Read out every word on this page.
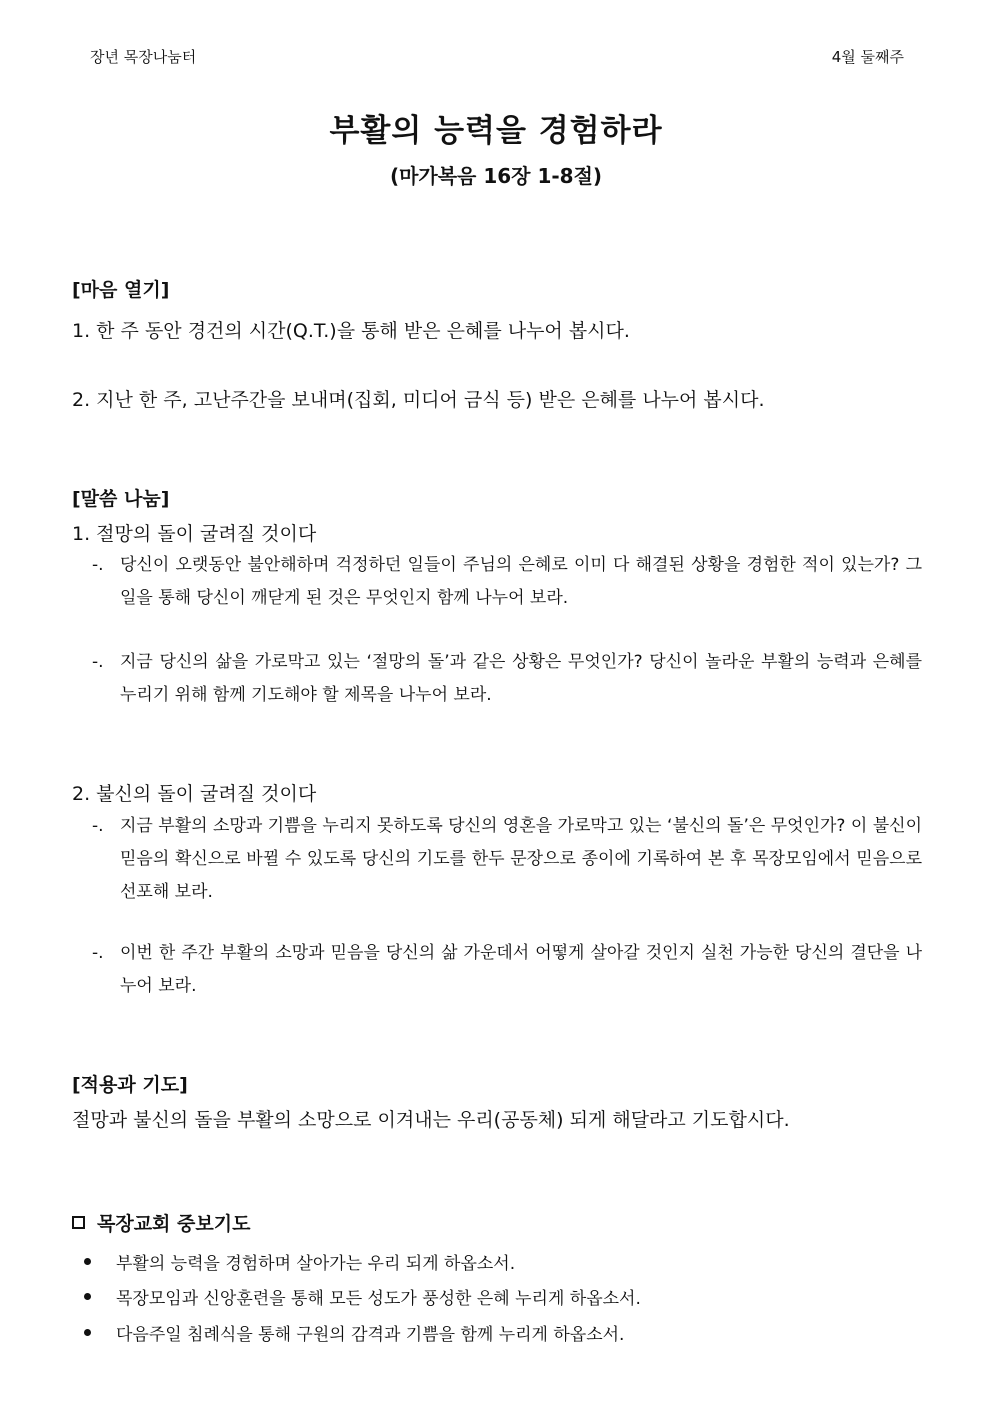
장년 목장나눔터	4월 둘째주
부활의 능력을 경험하라
(마가복음 16장 1-8절)
[마음 열기]
1. 한 주 동안 경건의 시간(Q.T.)을 통해 받은 은혜를 나누어 봅시다.
2. 지난 한 주, 고난주간을 보내며(집회, 미디어 금식 등) 받은 은혜를 나누어 봅시다.
[말씀 나눔]
1. 절망의 돌이 굴려질 것이다
-. 당신이 오랫동안 불안해하며 걱정하던 일들이 주님의 은혜로 이미 다 해결된 상황을 경험한 적이 있는가? 그 일을 통해 당신이 깨닫게 된 것은 무엇인지 함께 나누어 보라.
-. 지금 당신의 삶을 가로막고 있는 ‘절망의 돌’과 같은 상황은 무엇인가? 당신이 놀라운 부활의 능력과 은혜를 누리기 위해 함께 기도해야 할 제목을 나누어 보라.
2. 불신의 돌이 굴려질 것이다
-. 지금 부활의 소망과 기쁨을 누리지 못하도록 당신의 영혼을 가로막고 있는 ‘불신의 돌’은 무엇인가? 이 불신이 믿음의 확신으로 바뀔 수 있도록 당신의 기도를 한두 문장으로 종이에 기록하여 본 후 목장모임에서 믿음으로 선포해 보라.
-. 이번 한 주간 부활의 소망과 믿음을 당신의 삶 가운데서 어떻게 살아갈 것인지 실천 가능한 당신의 결단을 나누어 보라.
[적용과 기도]
절망과 불신의 돌을 부활의 소망으로 이겨내는 우리(공동체) 되게 해달라고 기도합시다.
목장교회 중보기도
부활의 능력을 경험하며 살아가는 우리 되게 하옵소서.
목장모임과 신앙훈련을 통해 모든 성도가 풍성한 은혜 누리게 하옵소서.
다음주일 침례식을 통해 구원의 감격과 기쁨을 함께 누리게 하옵소서.
